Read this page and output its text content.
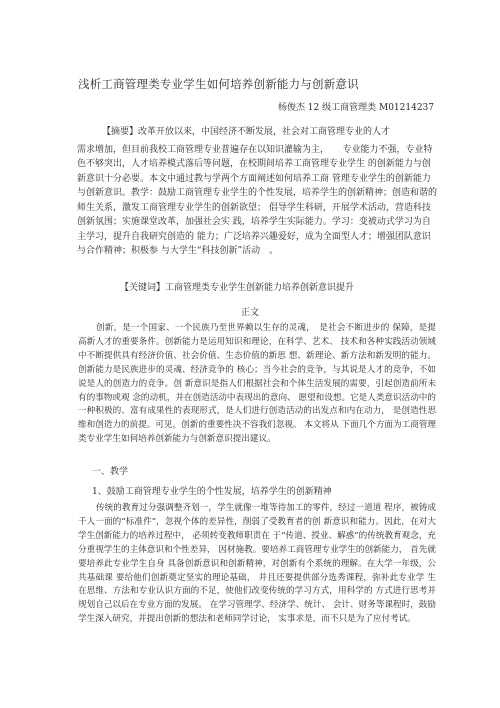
浅析工商管理类专业学生如何培养创新能力与创新意识
杨俊杰 12 级工商管理类 M01214237
【摘要】改革开放以来，中国经济不断发展，社会对工商管理专业的人才
需求增加，但目前我校工商管理专业普遍存在以知识灌输为主，　　专业能力不强，专业特色不够突出，人才培养模式落后等问题，在校期间培养工商管理专业学生 的创新能力与创新意识十分必要。本文中通过教与学两个方面阐述如何培养工商 管理专业学生的创新能力与创新意识。教学：鼓励工商管理专业学生的个性发展，培养学生的创新精神；创造和谐的师生关系，激发工商管理专业学生的创新欲望； 倡导学生科研，开展学术活动，营造科技创新氛围；实施课堂改革，加强社会实 践，培养学生实际能力。学习：变被动式学习为自主学习，提升自我研究创造的 能力；广泛培养兴趣爱好，成为全面型人才；增强团队意识与合作精神；积极参 与大学生“科技创新”活动　。
【关键词】工商管理类专业学生创新能力培养创新意识提升
正文
创新，是一个国家、一个民族乃至世界赖以生存的灵魂，　是社会不断进步的 保障，是提高新人才的重要条件。创新能力是运用知识和理论，在科学、艺术、 技术和各种实践活动领域中不断提供具有经济价值、社会价值、生态价值的新思 想、新理论、新方法和新发明的能力。创新能力是民族进步的灵魂、经济竞争的 核心；当今社会的竞争，与其说是人才的竞争，不如说是人的创造力的竞争。创 新意识是指人们根据社会和个体生活发展的需要，引起创造前所未有的事物或观 念的动机，并在创造活动中表现出的意向、 愿望和设想。它是人类意识活动中的 一种积极的、富有成果性的表现形式，是人们进行创造活动的出发点和内在动力， 是创造性思维和创造力的前提。可见，创新的重要性决不容我们忽视。 本文将从 下面几个方面为工商管理类专业学生如何培养创新能力与创新意识提出建议。
一、教学
1、鼓励工商管理专业学生的个性发展，培养学生的创新精神
传统的教育过分强调整齐划一，学生就像一堆等待加工的零件，经过一道道 程序，被铸成千人一面的“标准件”，忽视个体的差异性，削弱了受教育者的创 新意识和能力。因此，在对大学生创新能力的培养过程中， 必须转变教师职责在 于“传道、授业、解惑”的传统教育观念，充分重视学生的主体意识和个性差异， 因材施教。要培养工商管理专业学生的创新能力， 首先就要培养此专业学生自身 具备创新意识和创新精神，对创新有个系统的理解。在大学一年级，公共基础课 要给他们创新奠定坚实的理论基础， 并且还要提供部分选秀课程，弥补此专业学 生在思维、方法和专业认识方面的不足，使他们改变传统的学习方式，用科学的 方式进行思考并规划自己以后在专业方面的发展。 在学习管理学、经济学、统计、 会计、财务等课程时，鼓励学生深入研究，并提出创新的想法和老师同学讨论， 实事求是，而不只是为了应付考试。
